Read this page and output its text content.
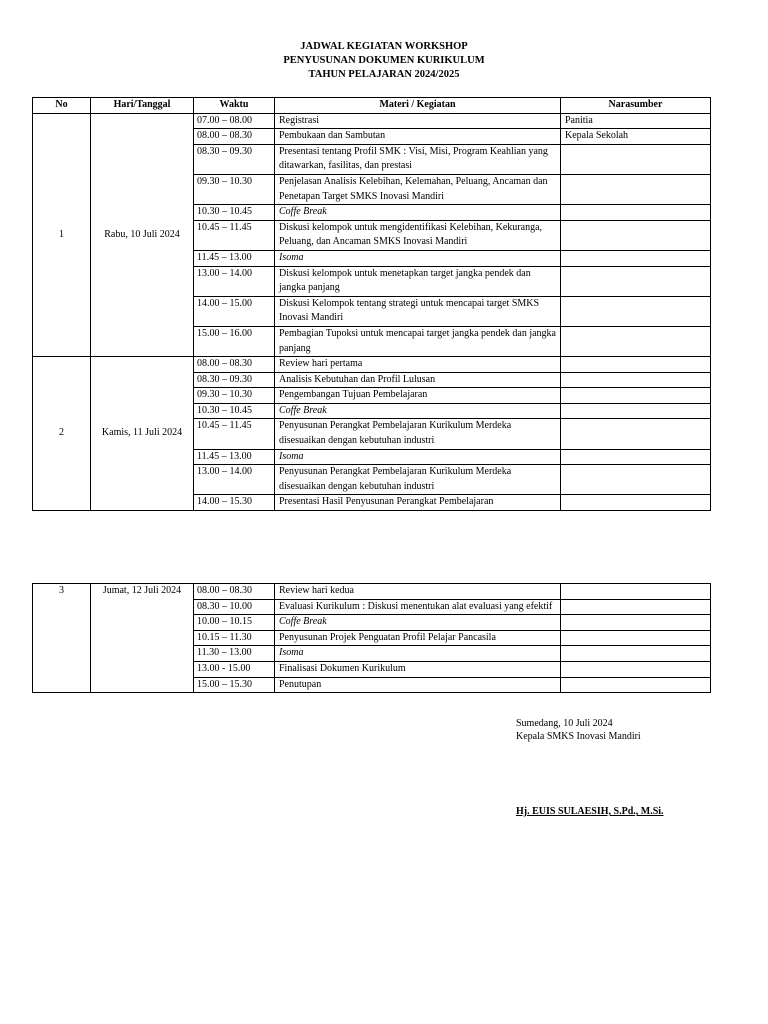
JADWAL KEGIATAN WORKSHOP
PENYUSUNAN DOKUMEN KURIKULUM
TAHUN PELAJARAN 2024/2025
No	Hari/Tanggal	Waktu	Materi / Kegiatan	Narasumber
1	Rabu, 10 Juli 2024	07.00 – 08.00	Registrasi	Panitia
		08.00 – 08.30	Pembukaan dan Sambutan	Kepala Sekolah
		08.30 – 09.30	Presentasi tentang Profil SMK : Visi, Misi, Program Keahlian yang ditawarkan, fasilitas, dan prestasi	
		09.30 – 10.30	Penjelasan Analisis Kelebihan, Kelemahan, Peluang, Ancaman dan Penetapan Target SMKS Inovasi Mandiri	
		10.30 – 10.45	Coffe Break	
		10.45 – 11.45	Diskusi kelompok untuk mengidentifikasi Kelebihan, Kekuranga, Peluang, dan Ancaman SMKS Inovasi Mandiri	
		11.45 – 13.00	Isoma	
		13.00 – 14.00	Diskusi kelompok untuk menetapkan target jangka pendek dan jangka panjang	
		14.00 – 15.00	Diskusi Kelompok tentang strategi untuk mencapai target SMKS Inovasi Mandiri	
		15.00 – 16.00	Pembagian Tupoksi untuk mencapai target jangka pendek dan jangka panjang	
2	Kamis, 11 Juli 2024	08.00 – 08.30	Review hari pertama	
		08.30 – 09.30	Analisis Kebutuhan dan Profil Lulusan	
		09.30 – 10.30	Pengembangan Tujuan Pembelajaran	
		10.30 – 10.45	Coffe Break	
		10.45 – 11.45	Penyusunan Perangkat Pembelajaran Kurikulum Merdeka disesuaikan dengan kebutuhan industri	
		11.45 – 13.00	Isoma	
		13.00 – 14.00	Penyusunan Perangkat Pembelajaran Kurikulum Merdeka disesuaikan dengan kebutuhan industri	
		14.00 – 15.30	Presentasi Hasil Penyusunan Perangkat Pembelajaran	
3	Jumat, 12 Juli 2024	08.00 – 08.30	Review hari kedua	
		08.30 – 10.00	Evaluasi Kurikulum : Diskusi menentukan alat evaluasi yang efektif	
		10.00 – 10.15	Coffe Break	
		10.15 – 11.30	Penyusunan Projek Penguatan Profil Pelajar Pancasila	
		11.30 – 13.00	Isoma	
		13.00 - 15.00	Finalisasi Dokumen Kurikulum	
		15.00 – 15.30	Penutupan	
Sumedang, 10 Juli 2024
Kepala SMKS Inovasi Mandiri
Hj. EUIS SULAESIH, S.Pd., M.Si.
